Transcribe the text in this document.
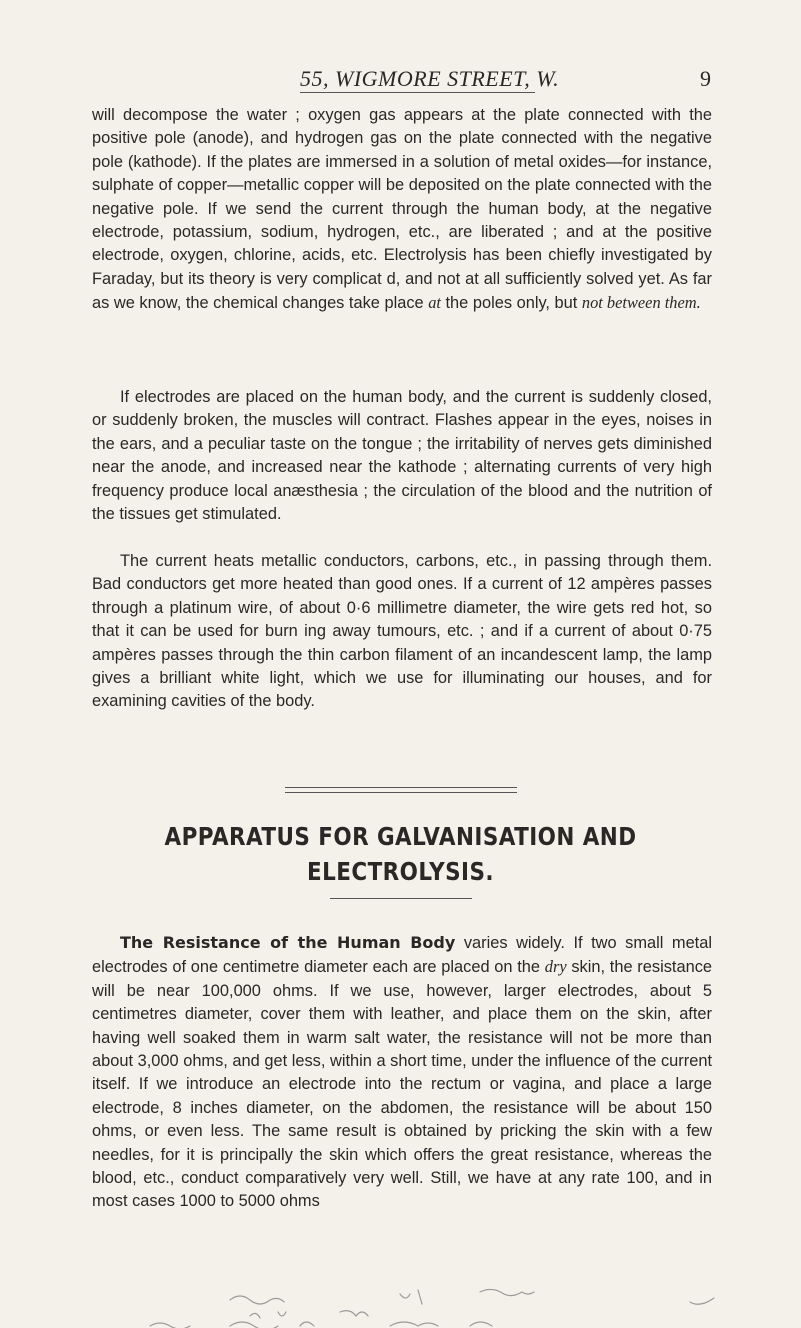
55, WIGMORE STREET, W.	9

will decompose the water ; oxygen gas appears at the plate connected with the positive pole (anode), and hydrogen gas on the plate connected with the negative pole (kathode). If the plates are immersed in a solution of metal oxides—for instance, sulphate of copper—metallic copper will be deposited on the plate connected with the negative pole. If we send the current through the human body, at the negative electrode, potassium, sodium, hydrogen, etc., are liberated ; and at the positive electrode, oxygen, chlorine, acids, etc. Electrolysis has been chiefly investigated by Faraday, but its theory is very complicat d, and not at all sufficiently solved yet. As far as we know, the chemical changes take place at the poles only, but not between them.

If electrodes are placed on the human body, and the current is suddenly closed, or suddenly broken, the muscles will contract. Flashes appear in the eyes, noises in the ears, and a peculiar taste on the tongue ; the irritability of nerves gets diminished near the anode, and increased near the kathode ; alternating currents of very high frequency produce local anæsthesia ; the circulation of the blood and the nutrition of the tissues get stimulated.

The current heats metallic conductors, carbons, etc., in passing through them. Bad conductors get more heated than good ones. If a current of 12 ampères passes through a platinum wire, of about 0·6 millimetre diameter, the wire gets red hot, so that it can be used for burn ing away tumours, etc. ; and if a current of about 0·75 ampères passes through the thin carbon filament of an incandescent lamp, the lamp gives a brilliant white light, which we use for illuminating our houses, and for examining cavities of the body.

APPARATUS FOR GALVANISATION AND
ELECTROLYSIS.

The Resistance of the Human Body varies widely. If two small metal electrodes of one centimetre diameter each are placed on the dry skin, the resistance will be near 100,000 ohms. If we use, however, larger electrodes, about 5 centimetres diameter, cover them with leather, and place them on the skin, after having well soaked them in warm salt water, the resistance will not be more than about 3,000 ohms, and get less, within a short time, under the influence of the current itself. If we introduce an electrode into the rectum or vagina, and place a large electrode, 8 inches diameter, on the abdomen, the resistance will be about 150 ohms, or even less. The same result is obtained by pricking the skin with a few needles, for it is principally the skin which offers the great resistance, whereas the blood, etc., conduct comparatively very well. Still, we have at any rate 100, and in most cases 1000 to 5000 ohms
